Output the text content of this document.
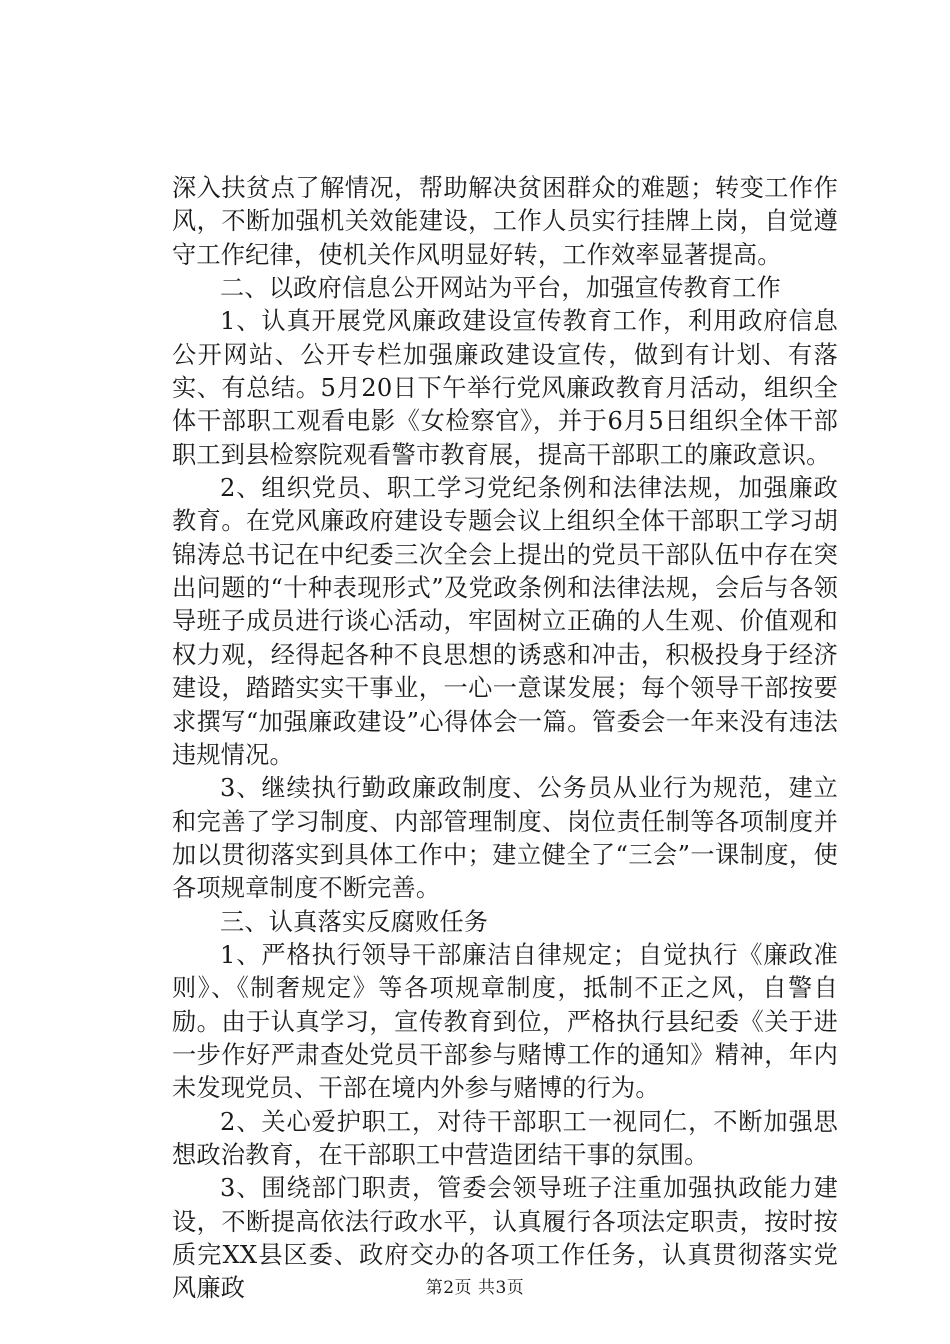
深入扶贫点了解情况，帮助解决贫困群众的难题；转变工作作风，不断加强机关效能建设，工作人员实行挂牌上岗，自觉遵守工作纪律，使机关作风明显好转，工作效率显著提高。

二、以政府信息公开网站为平台，加强宣传教育工作

1、认真开展党风廉政建设宣传教育工作，利用政府信息公开网站、公开专栏加强廉政建设宣传，做到有计划、有落实、有总结。5月20日下午举行党风廉政教育月活动，组织全体干部职工观看电影《女检察官》，并于6月5日组织全体干部职工到县检察院观看警市教育展，提高干部职工的廉政意识。

2、组织党员、职工学习党纪条例和法律法规，加强廉政教育。在党风廉政府建设专题会议上组织全体干部职工学习胡锦涛总书记在中纪委三次全会上提出的党员干部队伍中存在突出问题的“十种表现形式”及党政条例和法律法规，会后与各领导班子成员进行谈心活动，牢固树立正确的人生观、价值观和权力观，经得起各种不良思想的诱惑和冲击，积极投身于经济建设，踏踏实实干事业，一心一意谋发展；每个领导干部按要求撰写“加强廉政建设”心得体会一篇。管委会一年来没有违法违规情况。

3、继续执行勤政廉政制度、公务员从业行为规范，建立和完善了学习制度、内部管理制度、岗位责任制等各项制度并加以贯彻落实到具体工作中；建立健全了“三会”一课制度，使各项规章制度不断完善。

三、认真落实反腐败任务

1、严格执行领导干部廉洁自律规定；自觉执行《廉政准则》、《制奢规定》等各项规章制度，抵制不正之风，自警自励。由于认真学习，宣传教育到位，严格执行县纪委《关于进一步作好严肃查处党员干部参与赌博工作的通知》精神，年内未发现党员、干部在境内外参与赌博的行为。

2、关心爱护职工，对待干部职工一视同仁，不断加强思想政治教育，在干部职工中营造团结干事的氛围。

3、围绕部门职责，管委会领导班子注重加强执政能力建设，不断提高依法行政水平，认真履行各项法定职责，按时按质完XX县区委、政府交办的各项工作任务，认真贯彻落实党风廉政	第2页 共3页
